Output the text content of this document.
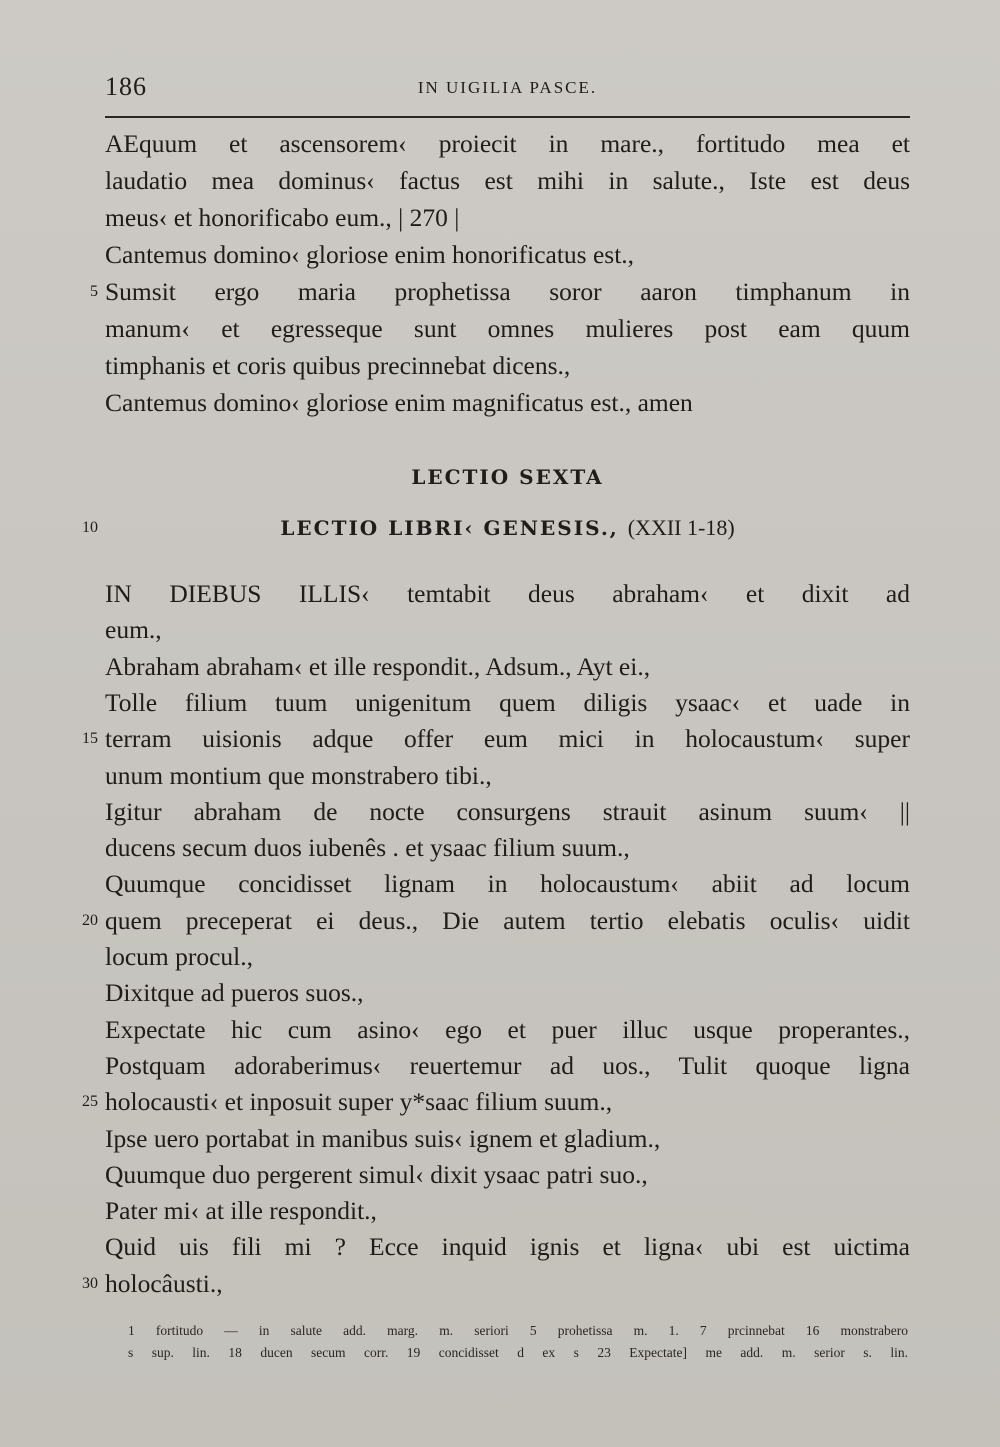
186	IN UIGILIA PASCE.
AEquum et ascensorem‹ proiecit in mare., fortitudo mea et
laudatio mea dominus‹ factus est mihi in salute., Iste est deus
meus‹ et honorificabo eum., | 270 |
Cantemus domino‹ gloriose enim honorificatus est.,
5 Sumsit ergo maria prophetissa soror aaron timphanum in
manum‹ et egresseque sunt omnes mulieres post eam quum
timphanis et coris quibus precinnebat dicens.,
Cantemus domino‹ gloriose enim magnificatus est., amen
LECTIO SEXTA
10	LECTIO LIBRI‹ GENESIS., (XXII 1-18)
IN DIEBUS ILLIS‹ temtabit deus abraham‹ et dixit ad
eum.,
Abraham abraham‹ et ille respondit., Adsum., Ayt ei.,
Tolle filium tuum unigenitum quem diligis ysaac‹ et uade in
15 terram uisionis adque offer eum mici in holocaustum‹ super
unum montium que monstrabero tibi.,
Igitur abraham de nocte consurgens strauit asinum suum‹ ||
ducens secum duos iubenês . et ysaac filium suum.,
Quumque concidisset lignam in holocaustum‹ abiit ad locum
20 quem preceperat ei deus., Die autem tertio elebatis oculis‹ uidit
locum procul.,
Dixitque ad pueros suos.,
Expectate hic cum asino‹ ego et puer illuc usque properantes.,
Postquam adoraberimus‹ reuertemur ad uos., Tulit quoque ligna
25 holocausti‹ et inposuit super y*saac filium suum.,
Ipse uero portabat in manibus suis‹ ignem et gladium.,
Quumque duo pergerent simul‹ dixit ysaac patri suo.,
Pater mi‹ at ille respondit.,
Quid uis fili mi ? Ecce inquid ignis et ligna‹ ubi est uictima
30 holocâusti.,
1 fortitudo — in salute add. marg. m. seriori 5 prohetissa m. 1. 7 prcinnebat 16 monstrabero
s sup. lin. 18 ducen secum corr. 19 concidisset d ex s 23 Expectate] me add. m. serior s. lin.
